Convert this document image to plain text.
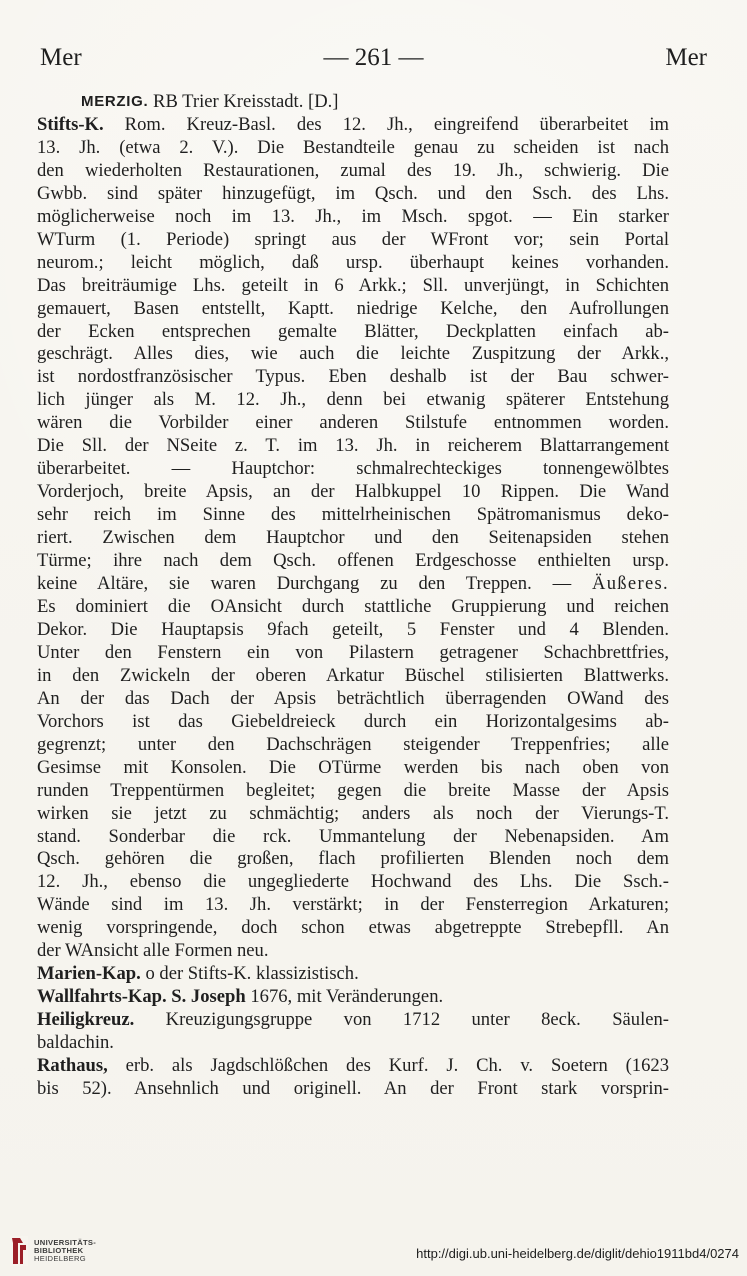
Mer	— 261 —	Mer
MERZIG. RB Trier Kreisstadt. [D.]
Stifts-K. Rom. Kreuz-Basl. des 12. Jh., eingreifend überarbeitet im
13. Jh. (etwa 2. V.). Die Bestandteile genau zu scheiden ist nach
den wiederholten Restaurationen, zumal des 19. Jh., schwierig. Die
Gwbb. sind später hinzugefügt, im Qsch. und den Ssch. des Lhs.
möglicherweise noch im 13. Jh., im Msch. spgot. — Ein starker
WTurm (1. Periode) springt aus der WFront vor; sein Portal
neurom.; leicht möglich, daß ursp. überhaupt keines vorhanden.
Das breiträumige Lhs. geteilt in 6 Arkk.; Sll. unverjüngt, in Schichten
gemauert, Basen entstellt, Kaptt. niedrige Kelche, den Aufrollungen
der Ecken entsprechen gemalte Blätter, Deckplatten einfach ab-
geschrägt. Alles dies, wie auch die leichte Zuspitzung der Arkk.,
ist nordostfranzösischer Typus. Eben deshalb ist der Bau schwer-
lich jünger als M. 12. Jh., denn bei etwanig späterer Entstehung
wären die Vorbilder einer anderen Stilstufe entnommen worden.
Die Sll. der NSeite z. T. im 13. Jh. in reicherem Blattarrangement
überarbeitet. — Hauptchor: schmalrechteckiges tonnengewölbtes
Vorderjoch, breite Apsis, an der Halbkuppel 10 Rippen. Die Wand
sehr reich im Sinne des mittelrheinischen Spätromanismus deko-
riert. Zwischen dem Hauptchor und den Seitenapsiden stehen
Türme; ihre nach dem Qsch. offenen Erdgeschosse enthielten ursp.
keine Altäre, sie waren Durchgang zu den Treppen. — Äußeres.
Es dominiert die OAnsicht durch stattliche Gruppierung und reichen
Dekor. Die Hauptapsis 9fach geteilt, 5 Fenster und 4 Blenden.
Unter den Fenstern ein von Pilastern getragener Schachbrettfries,
in den Zwickeln der oberen Arkatur Büschel stilisierten Blattwerks.
An der das Dach der Apsis beträchtlich überragenden OWand des
Vorchors ist das Giebeldreieck durch ein Horizontalgesims ab-
gegrenzt; unter den Dachschrägen steigender Treppenfries; alle
Gesimse mit Konsolen. Die OTürme werden bis nach oben von
runden Treppentürmen begleitet; gegen die breite Masse der Apsis
wirken sie jetzt zu schmächtig; anders als noch der Vierungs-T.
stand. Sonderbar die rck. Ummantelung der Nebenapsiden. Am
Qsch. gehören die großen, flach profilierten Blenden noch dem
12. Jh., ebenso die ungegliederte Hochwand des Lhs. Die Ssch.-
Wände sind im 13. Jh. verstärkt; in der Fensterregion Arkaturen;
wenig vorspringende, doch schon etwas abgetreppte Strebepfll. An
der WAnsicht alle Formen neu.
Marien-Kap. o der Stifts-K. klassizistisch.
Wallfahrts-Kap. S. Joseph 1676, mit Veränderungen.
Heiligkreuz. Kreuzigungsgruppe von 1712 unter 8eck. Säulen-
baldachin.
Rathaus, erb. als Jagdschlößchen des Kurf. J. Ch. v. Soetern (1623
bis 52). Ansehnlich und originell. An der Front stark vorsprin-
UNIVERSITÄTS-
BIBLIOTHEK
HEIDELBERG	http://digi.ub.uni-heidelberg.de/diglit/dehio1911bd4/0274
